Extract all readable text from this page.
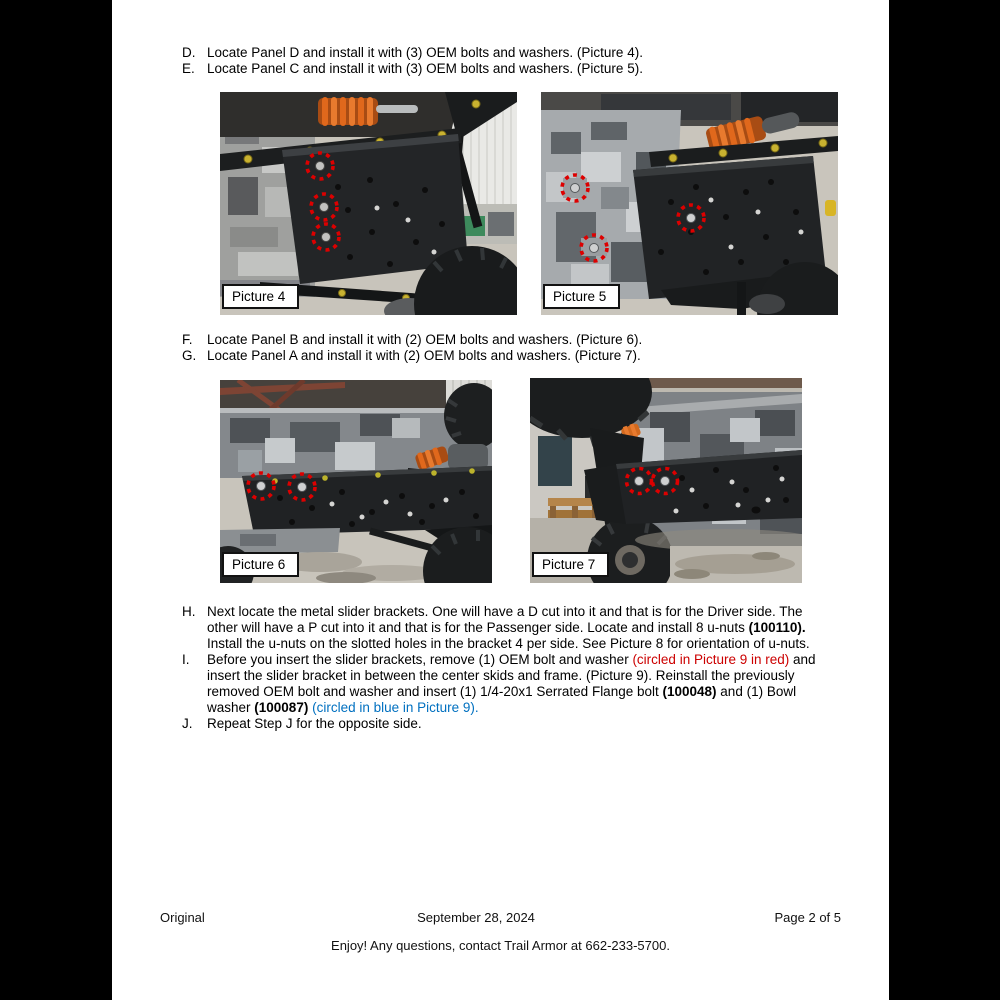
D. Locate Panel D and install it with (3) OEM bolts and washers. (Picture 4).
E. Locate Panel C and install it with (3) OEM bolts and washers. (Picture 5).
Picture 4	Picture 5
F.	Locate Panel B and install it with (2) OEM bolts and washers. (Picture 6).
G. Locate Panel A and install it with (2) OEM bolts and washers. (Picture 7).
Picture 6	Picture 7
H. Next locate the metal slider brackets. One will have a D cut into it and that is for the Driver side. The
other will have a P cut into it and that is for the Passenger side. Locate and install 8 u-nuts (100110).
Install the u-nuts on the slotted holes in the bracket 4 per side. See Picture 8 for orientation of u-nuts.
I.	Before you insert the slider brackets, remove (1) OEM bolt and washer (circled in Picture 9 in red) and
insert the slider bracket in between the center skids and frame. (Picture 9). Reinstall the previously
removed OEM bolt and washer and insert (1) 1/4-20x1 Serrated Flange bolt (100048) and (1) Bowl
washer (100087) (circled in blue in Picture 9).
J.	Repeat Step J for the opposite side.
Original	September 28, 2024	Page 2 of 5
Enjoy! Any questions, contact Trail Armor at 662-233-5700.
